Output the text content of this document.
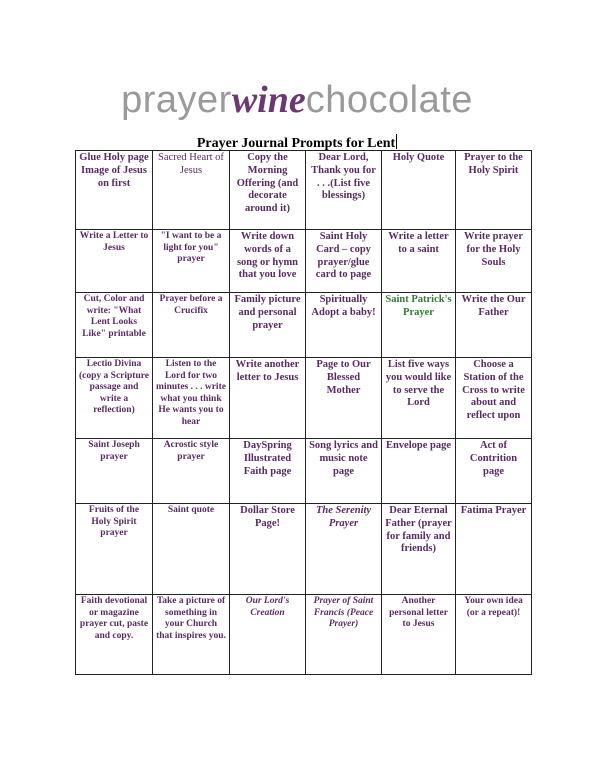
prayerwinechocolate
Prayer Journal Prompts for Lent
Glue Holy page Image of Jesus on first	Sacred Heart of Jesus	Copy the Morning Offering (and decorate around it)	Dear Lord, Thank you for . . .(List five blessings)	Holy Quote	Prayer to the Holy Spirit

Write a Letter to Jesus	"I want to be a light for you" prayer	Write down words of a song or hymn that you love	Saint Holy Card – copy prayer/glue card to page	Write a letter to a saint	Write prayer for the Holy Souls

Cut, Color and write: "What Lent Looks Like" printable	Prayer before a Crucifix	Family picture and personal prayer	Spiritually Adopt a baby!	Saint Patrick's Prayer	Write the Our Father

Lectio Divina (copy a Scripture passage and write a reflection)	Listen to the Lord for two minutes . . . write what you think He wants you to hear	Write another letter to Jesus	Page to Our Blessed Mother	List five ways you would like to serve the Lord	Choose a Station of the Cross to write about and reflect upon

Saint Joseph prayer	Acrostic style prayer	DaySpring Illustrated Faith page	Song lyrics and music note page	Envelope page	Act of Contrition page

Fruits of the Holy Spirit prayer	Saint quote	Dollar Store Page!	The Serenity Prayer	Dear Eternal Father (prayer for family and friends)	Fatima Prayer

Faith devotional or magazine prayer cut, paste and copy.	Take a picture of something in your Church that inspires you.	Our Lord's Creation	Prayer of Saint Francis (Peace Prayer)	Another personal letter to Jesus	Your own idea (or a repeat)!
